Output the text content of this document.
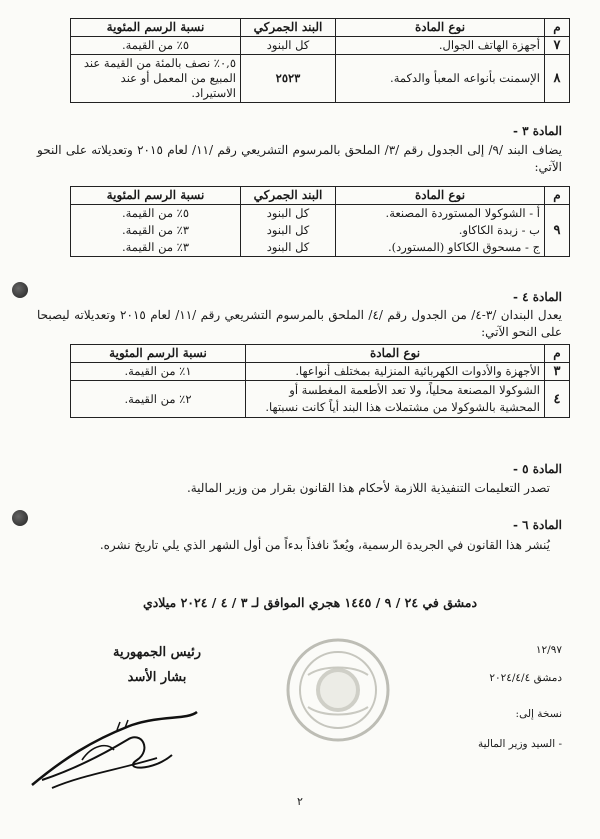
م	نوع المادة	البند الجمركي	نسبة الرسم المئوية
٧	أجهزة الهاتف الجوال.	كل البنود	٥٪ من القيمة.
٨	الإسمنت بأنواعه المعبأ والدكمة.	٢٥٢٣	٠,٥٪ نصف بالمئة من القيمة عند المبيع من المعمل أو عند الاستيراد.
المادة ٣ -
يضاف البند /٩/ إلى الجدول رقم /٣/ الملحق بالمرسوم التشريعي رقم /١١/ لعام ٢٠١٥ وتعديلاته على النحو الآتي:
م	نوع المادة	البند الجمركي	نسبة الرسم المئوية
٩	أ - الشوكولا المستوردة المصنعة.	كل البنود	٥٪ من القيمة.
	ب - زبدة الكاكاو.	كل البنود	٣٪ من القيمة.
	ج - مسحوق الكاكاو (المستورد).	كل البنود	٣٪ من القيمة.
المادة ٤ -
يعدل البندان /٣-٤/ من الجدول رقم /٤/ الملحق بالمرسوم التشريعي رقم /١١/ لعام ٢٠١٥ وتعديلاته ليصبحا على النحو الآتي:
م	نوع المادة	نسبة الرسم المئوية
٣	الأجهزة والأدوات الكهربائية المنزلية بمختلف أنواعها.	١٪ من القيمة.
٤	الشوكولا المصنعة محلياً، ولا تعد الأطعمة المغطسة أو المحشية بالشوكولا من مشتملات هذا البند أياً كانت نسبتها.	٢٪ من القيمة.
المادة ٥ -
تصدر التعليمات التنفيذية اللازمة لأحكام هذا القانون بقرار من وزير المالية.
المادة ٦ -
يُنشر هذا القانون في الجريدة الرسمية، ويُعدّ نافذاً بدءاً من أول الشهر الذي يلي تاريخ نشره.
دمشق في ٢٤ / ٩ / ١٤٤٥ هجري الموافق لـ ٣ / ٤ / ٢٠٢٤ ميلادي
رئيس الجمهورية
بشار الأسد
١٢/٩٧
دمشق ٢٠٢٤/٤/٤
نسخة إلى:
- السيد وزير المالية
٢
